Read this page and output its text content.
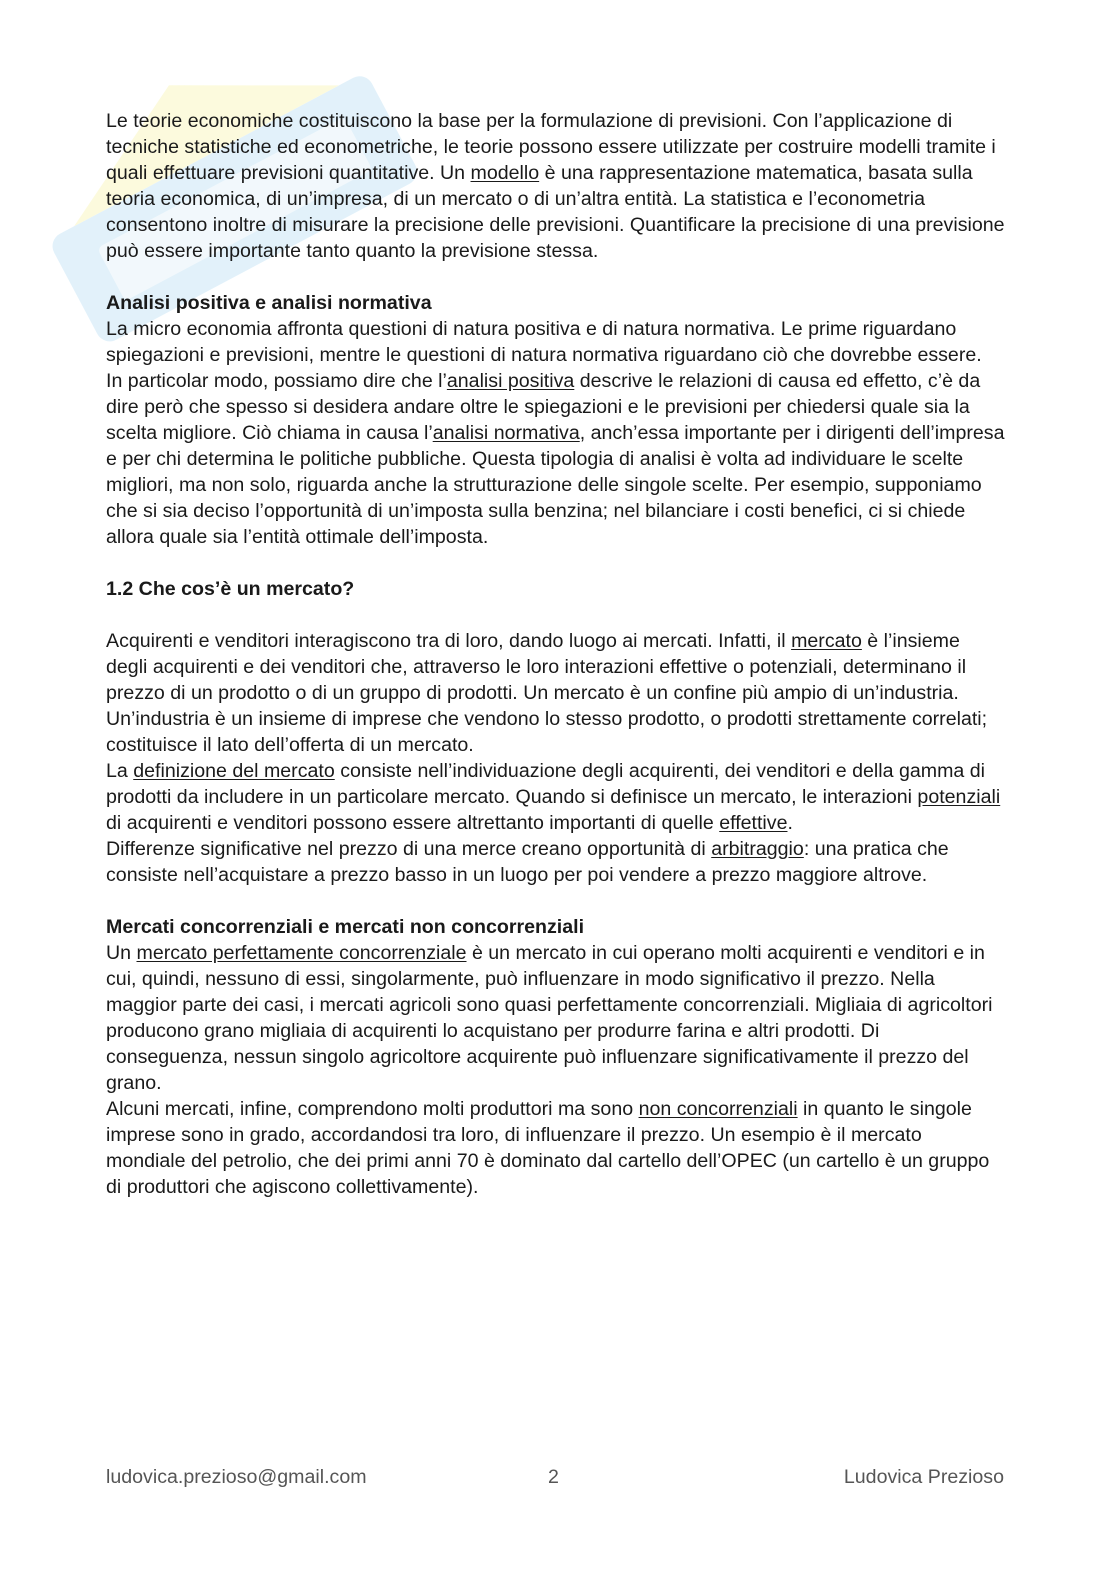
Le teorie economiche costituiscono la base per la formulazione di previsioni. Con l’applicazione di tecniche statistiche ed econometriche, le teorie possono essere utilizzate per costruire modelli tramite i quali effettuare previsioni quantitative. Un modello è una rappresentazione matematica, basata sulla teoria economica, di un’impresa, di un mercato o di un’altra entità. La statistica e l’econometria consentono inoltre di misurare la precisione delle previsioni. Quantificare la precisione di una previsione può essere importante tanto quanto la previsione stessa.

Analisi positiva e analisi normativa

La micro economia affronta questioni di natura positiva e di natura normativa. Le prime riguardano spiegazioni e previsioni, mentre le questioni di natura normativa riguardano ciò che dovrebbe essere.

In particolar modo, possiamo dire che l’analisi positiva descrive le relazioni di causa ed effetto, c’è da dire però che spesso si desidera andare oltre le spiegazioni e le previsioni per chiedersi quale sia la scelta migliore. Ciò chiama in causa l’analisi normativa, anch’essa importante per i dirigenti dell’impresa e per chi determina le politiche pubbliche. Questa tipologia di analisi è volta ad individuare le scelte migliori, ma non solo, riguarda anche la strutturazione delle singole scelte. Per esempio, supponiamo che si sia deciso l’opportunità di un’imposta sulla benzina; nel bilanciare i costi benefici, ci si chiede allora quale sia l’entità ottimale dell’imposta.

1.2 Che cos’è un mercato?

Acquirenti e venditori interagiscono tra di loro, dando luogo ai mercati. Infatti, il mercato è l’insieme degli acquirenti e dei venditori che, attraverso le loro interazioni effettive o potenziali, determinano il prezzo di un prodotto o di un gruppo di prodotti. Un mercato è un confine più ampio di un’industria. Un’industria è un insieme di imprese che vendono lo stesso prodotto, o prodotti strettamente correlati; costituisce il lato dell’offerta di un mercato.

La definizione del mercato consiste nell’individuazione degli acquirenti, dei venditori e della gamma di prodotti da includere in un particolare mercato. Quando si definisce un mercato, le interazioni potenziali di acquirenti e venditori possono essere altrettanto importanti di quelle effettive.

Differenze significative nel prezzo di una merce creano opportunità di arbitraggio: una pratica che consiste nell’acquistare a prezzo basso in un luogo per poi vendere a prezzo maggiore altrove.

Mercati concorrenziali e mercati non concorrenziali

Un mercato perfettamente concorrenziale è un mercato in cui operano molti acquirenti e venditori e in cui, quindi, nessuno di essi, singolarmente, può influenzare in modo significativo il prezzo. Nella maggior parte dei casi, i mercati agricoli sono quasi perfettamente concorrenziali. Migliaia di agricoltori producono grano migliaia di acquirenti lo acquistano per produrre farina e altri prodotti. Di conseguenza, nessun singolo agricoltore acquirente può influenzare significativamente il prezzo del grano.

Alcuni mercati, infine, comprendono molti produttori ma sono non concorrenziali in quanto le singole imprese sono in grado, accordandosi tra loro, di influenzare il prezzo. Un esempio è il mercato mondiale del petrolio, che dei primi anni 70 è dominato dal cartello dell’OPEC (un cartello è un gruppo di produttori che agiscono collettivamente).

ludovica.prezioso@gmail.com	2	Ludovica Prezioso
